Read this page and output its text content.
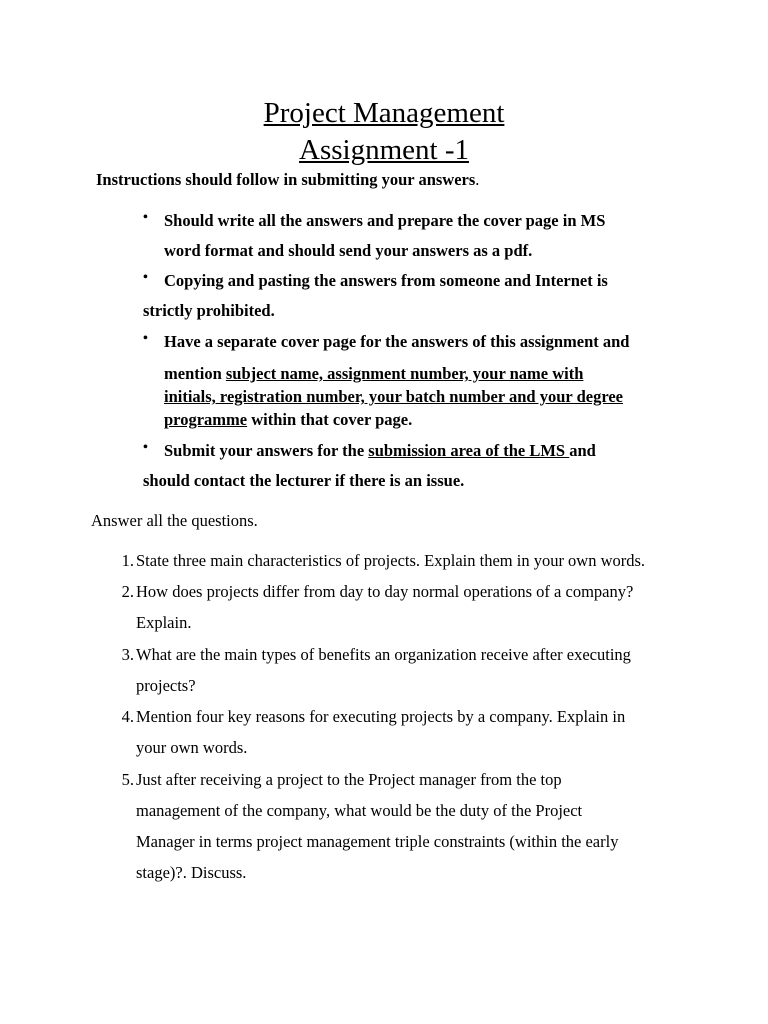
Project Management
Assignment -1
Instructions should follow in submitting your answers.
• Should write all the answers and prepare the cover page in MS
word format and should send your answers as a pdf.
• Copying and pasting the answers from someone and Internet is
strictly prohibited.
• Have a separate cover page for the answers of this assignment and
mention subject name, assignment number, your name with
initials, registration number, your batch number and your degree
programme within that cover page.
• Submit your answers for the submission area of the LMS and
should contact the lecturer if there is an issue.
Answer all the questions.
1. State three main characteristics of projects. Explain them in your own words.
2. How does projects differ from day to day normal operations of a company?
Explain.
3. What are the main types of benefits an organization receive after executing
projects?
4. Mention four key reasons for executing projects by a company. Explain in
your own words.
5. Just after receiving a project to the Project manager from the top
management of the company, what would be the duty of the Project
Manager in terms project management triple constraints (within the early
stage)?. Discuss.
